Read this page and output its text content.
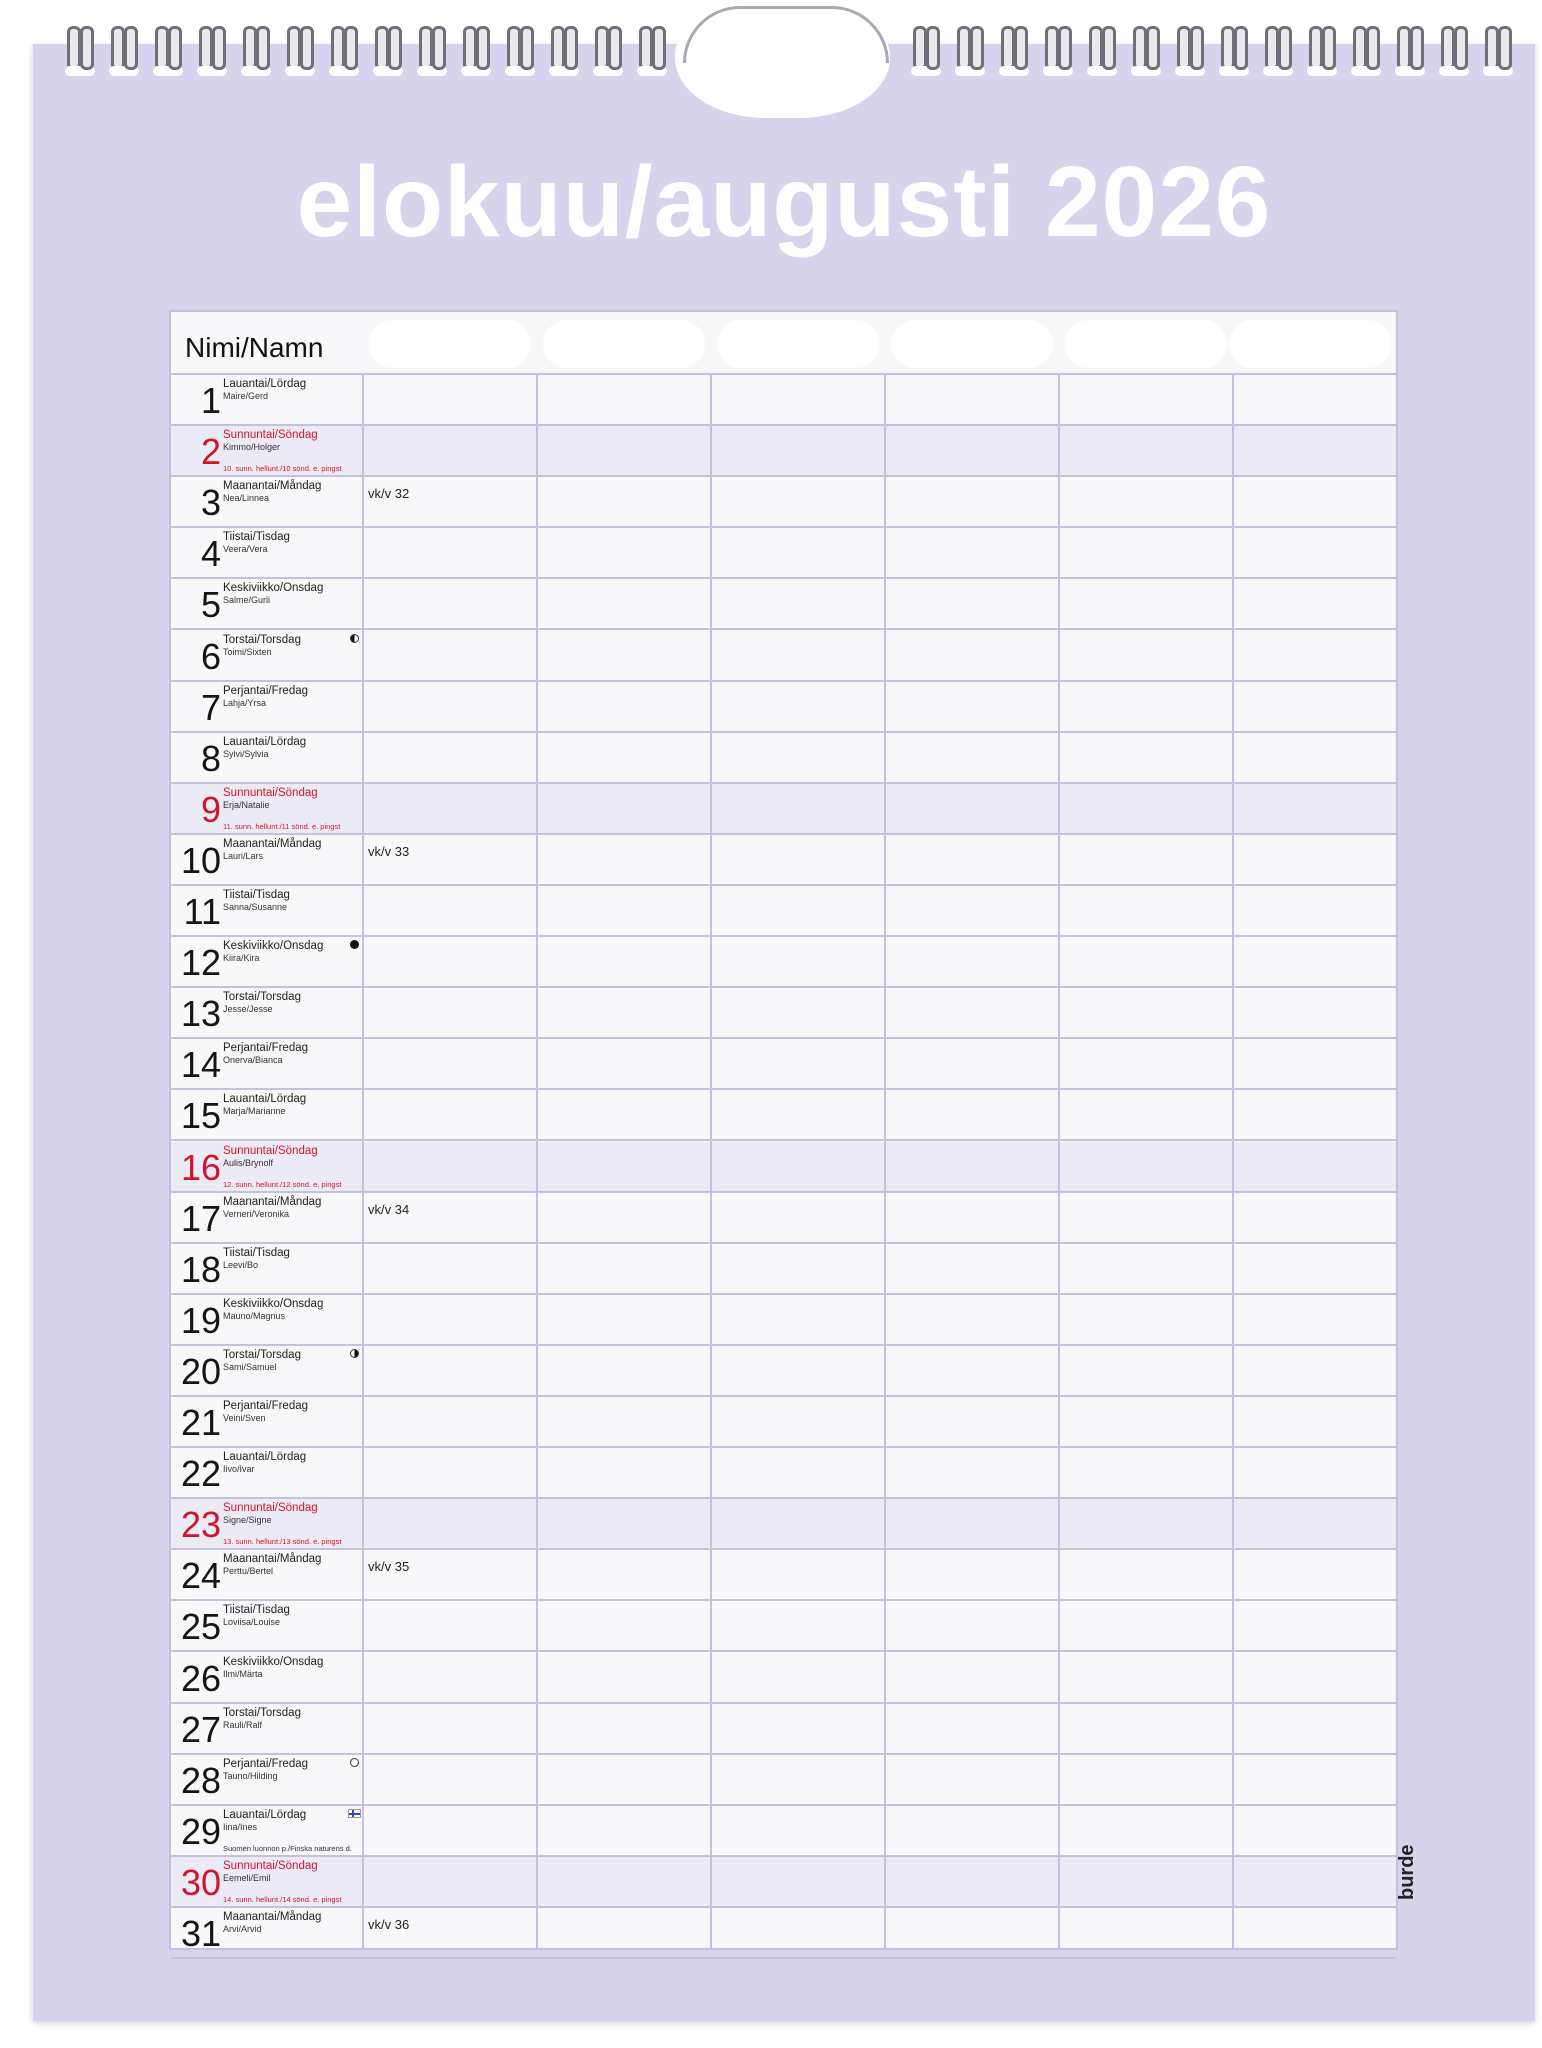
elokuu/augusti 2026
Nimi/Namn
1 Lauantai/Lördag
Maire/Gerd
2 Sunnuntai/Söndag
Kimmo/Holger
10. sunn. hellunt./10 sönd. e. pingst
3 Maanantai/Måndag
Nea/Linnea	vk/v 32
4 Tiistai/Tisdag
Veera/Vera
5 Keskiviikko/Onsdag
Salme/Gurli
6 Torstai/Torsdag
Toimi/Sixten
7 Perjantai/Fredag
Lahja/Yrsa
8 Lauantai/Lördag
Sylvi/Sylvia
9 Sunnuntai/Söndag
Erja/Natalie
11. sunn. hellunt./11 sönd. e. pingst
10 Maanantai/Måndag
Lauri/Lars	vk/v 33
11 Tiistai/Tisdag
Sanna/Susanne
12 Keskiviikko/Onsdag
Kiira/Kira
13 Torstai/Torsdag
Jesse/Jesse
14 Perjantai/Fredag
Onerva/Bianca
15 Lauantai/Lördag
Marja/Marianne
16 Sunnuntai/Söndag
Aulis/Brynolf
12. sunn. hellunt./12 sönd. e. pingst
17 Maanantai/Måndag
Verneri/Veronika	vk/v 34
18 Tiistai/Tisdag
Leevi/Bo
19 Keskiviikko/Onsdag
Mauno/Magnus
20 Torstai/Torsdag
Sami/Samuel
21 Perjantai/Fredag
Veini/Sven
22 Lauantai/Lördag
Iivo/Ivar
23 Sunnuntai/Söndag
Signe/Signe
13. sunn. hellunt./13 sönd. e. pingst
24 Maanantai/Måndag
Perttu/Bertel	vk/v 35
25 Tiistai/Tisdag
Loviisa/Louise
26 Keskiviikko/Onsdag
Ilmi/Märta
27 Torstai/Torsdag
Rauli/Ralf
28 Perjantai/Fredag
Tauno/Hilding
29 Lauantai/Lördag
Iina/Ines
Suomen luonnon p./Finska naturens d.
30 Sunnuntai/Söndag
Eemeli/Emil
14. sunn. hellunt./14 sönd. e. pingst
31 Maanantai/Måndag
Arvi/Arvid	vk/v 36
burde
